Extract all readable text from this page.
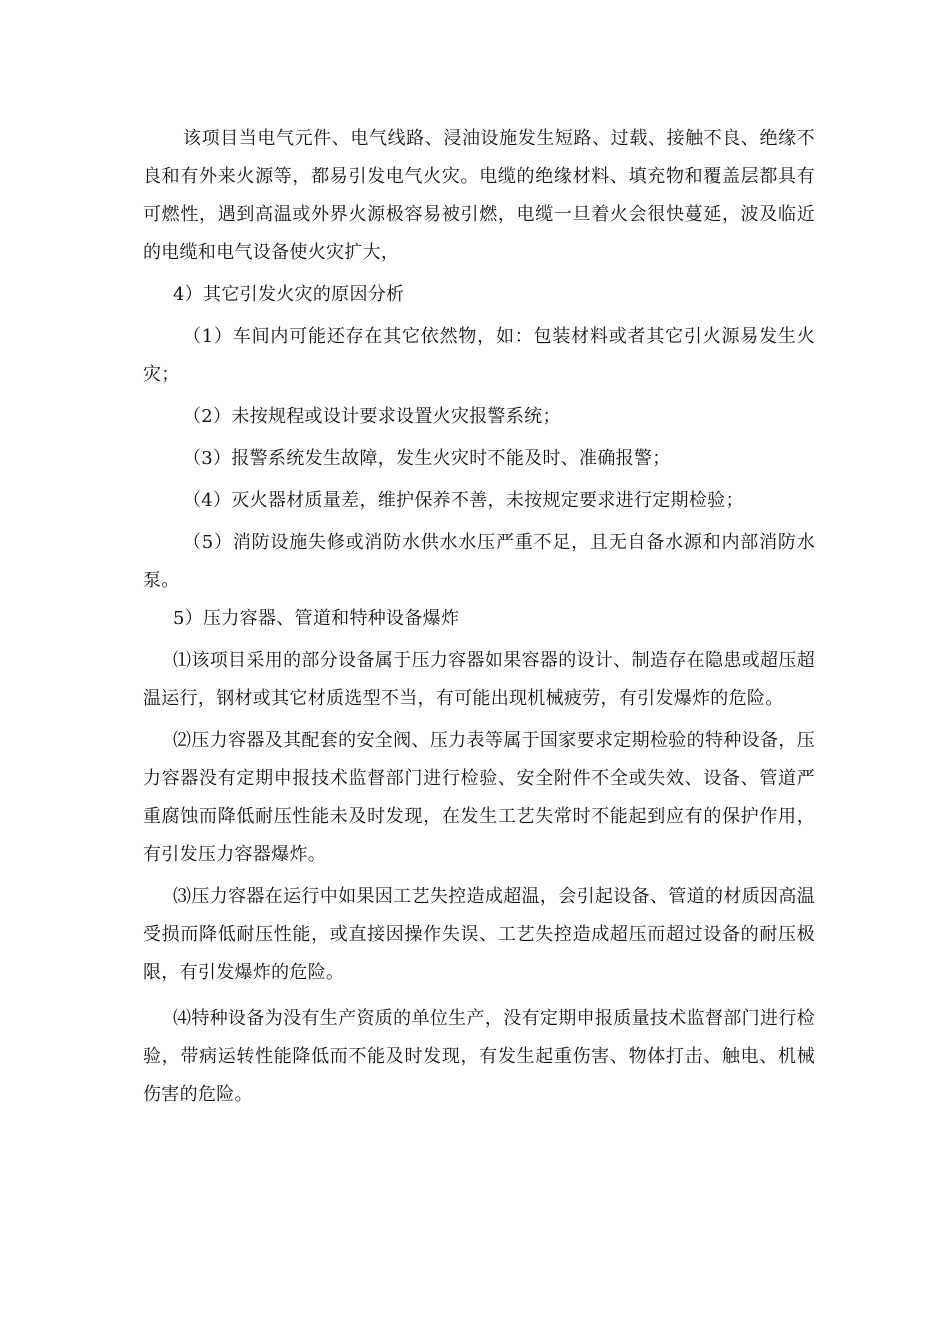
该项目当电气元件、电气线路、浸油设施发生短路、过载、接触不良、绝缘不良和有外来火源等，都易引发电气火灾。电缆的绝缘材料、填充物和覆盖层都具有可燃性，遇到高温或外界火源极容易被引燃，电缆一旦着火会很快蔓延，波及临近的电缆和电气设备使火灾扩大，

4）其它引发火灾的原因分析

（1）车间内可能还存在其它依然物，如：包装材料或者其它引火源易发生火灾；

（2）未按规程或设计要求设置火灾报警系统；

（3）报警系统发生故障，发生火灾时不能及时、准确报警；

（4）灭火器材质量差，维护保养不善，未按规定要求进行定期检验；

（5）消防设施失修或消防水供水水压严重不足，且无自备水源和内部消防水泵。

5）压力容器、管道和特种设备爆炸

⑴该项目采用的部分设备属于压力容器如果容器的设计、制造存在隐患或超压超温运行，钢材或其它材质选型不当，有可能出现机械疲劳，有引发爆炸的危险。

⑵压力容器及其配套的安全阀、压力表等属于国家要求定期检验的特种设备，压力容器没有定期申报技术监督部门进行检验、安全附件不全或失效、设备、管道严重腐蚀而降低耐压性能未及时发现，在发生工艺失常时不能起到应有的保护作用，有引发压力容器爆炸。

⑶压力容器在运行中如果因工艺失控造成超温，会引起设备、管道的材质因高温受损而降低耐压性能，或直接因操作失误、工艺失控造成超压而超过设备的耐压极限，有引发爆炸的危险。

⑷特种设备为没有生产资质的单位生产，没有定期申报质量技术监督部门进行检验，带病运转性能降低而不能及时发现，有发生起重伤害、物体打击、触电、机械伤害的危险。
